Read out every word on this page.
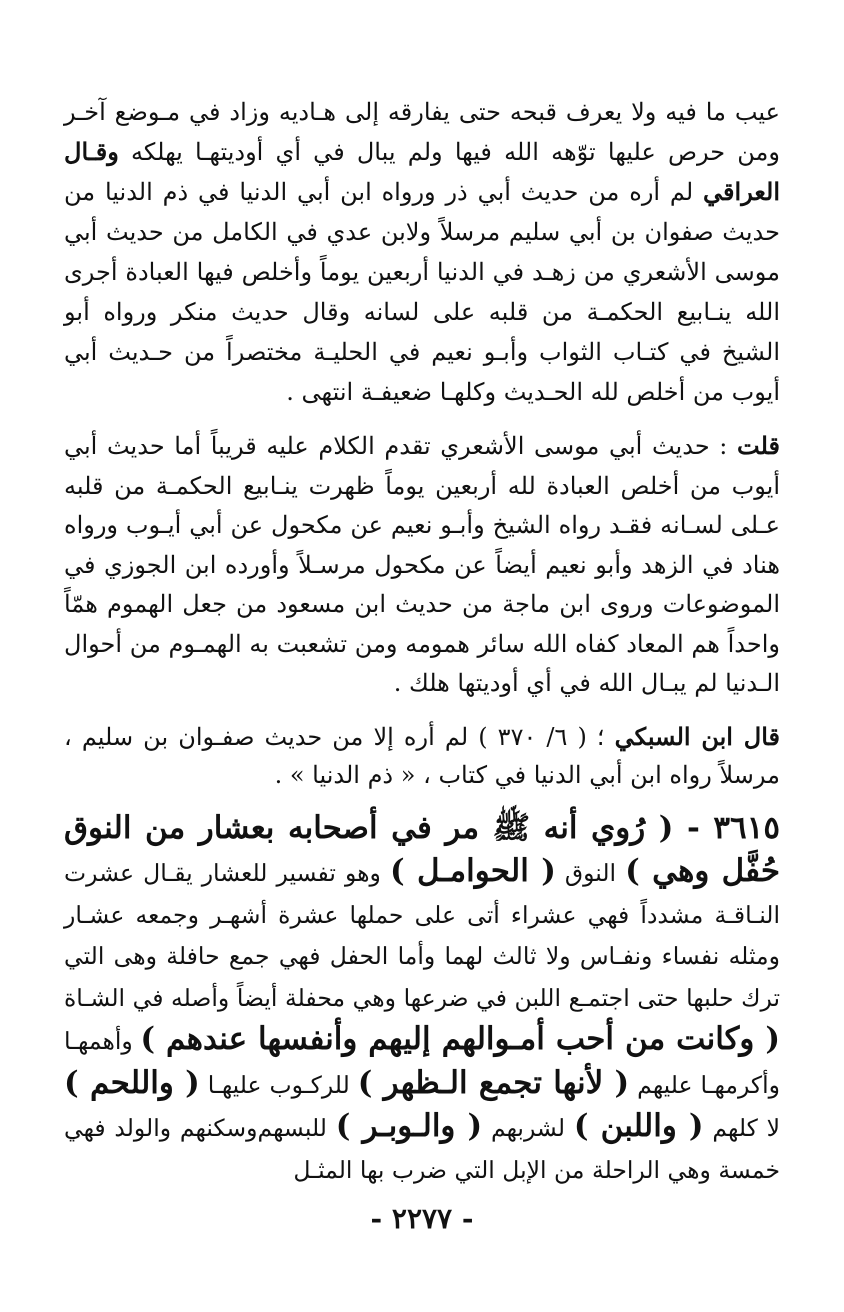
عيب ما فيه ولا يعرف قبحه حتى يفارقه إلى هـاديه وزاد في مـوضع آخـر ومن حرص عليها توّهه الله فيها ولم يبال في أي أوديتهـا يهلكه وقـال العراقي لم أره من حديث أبي ذر ورواه ابن أبي الدنيا في ذم الدنيا من حديث صفوان بن أبي سليم مرسلاً ولابن عدي في الكامل من حديث أبي موسى الأشعري من زهـد في الدنيا أربعين يوماً وأخلص فيها العبادة أجرى الله ينـابيع الحكمـة من قلبه على لسانه وقال حديث منكر ورواه أبو الشيخ في كتـاب الثواب وأبـو نعيم في الحليـة مختصراً من حـديث أبي أيوب من أخلص لله الحـديث وكلهـا ضعيفـة انتهى .

قلت : حديث أبي موسى الأشعري تقدم الكلام عليه قريباً أما حديث أبي أيوب من أخلص العبادة لله أربعين يوماً ظهرت ينـابيع الحكمـة من قلبه عـلى لسـانه فقـد رواه الشيخ وأبـو نعيم عن مكحول عن أبي أيـوب ورواه هناد في الزهد وأبو نعيم أيضاً عن مكحول مرسـلاً وأورده ابن الجوزي في الموضوعات وروى ابن ماجة من حديث ابن مسعود من جعل الهموم همّاً واحداً هم المعاد كفاه الله سائر همومه ومن تشعبت به الهمـوم من أحوال الـدنيا لم يبـال الله في أي أوديتها هلك .

قال ابن السبكي ؛ ( ٦/ ٣٧٠ ) لم أره إلا من حديث صفـوان بن سليم ، مرسلاً رواه ابن أبي الدنيا في كتاب ، « ذم الدنيا » .

٣٦١٥ - ( رُوي أنه ﷺ مر في أصحابه بعشار من النوق حُفَّل وهي ) النوق ( الحوامـل ) وهو تفسير للعشار يقـال عشرت النـاقـة مشدداً فهي عشراء أتى على حملها عشرة أشهـر وجمعه عشـار ومثله نفساء ونفـاس ولا ثالث لهما وأما الحفل فهي جمع حافلة وهى التي ترك حلبها حتى اجتمـع اللبن في ضرعها وهي محفلة أيضاً وأصله في الشـاة ( وكانت من أحب أمـوالهم إليهم وأنفسها عندهم ) وأهمهـا وأكرمهـا عليهم ( لأنها تجمع الـظهر ) للركـوب عليهـا ( واللحم ) لا كلهم ( واللبن ) لشربهم ( والـوبـر ) للبسهم‌وسكنهم والولد فهي خمسة وهي الراحلة من الإبل التي ضرب بها المثـل

- ٢٢٧٧ -
